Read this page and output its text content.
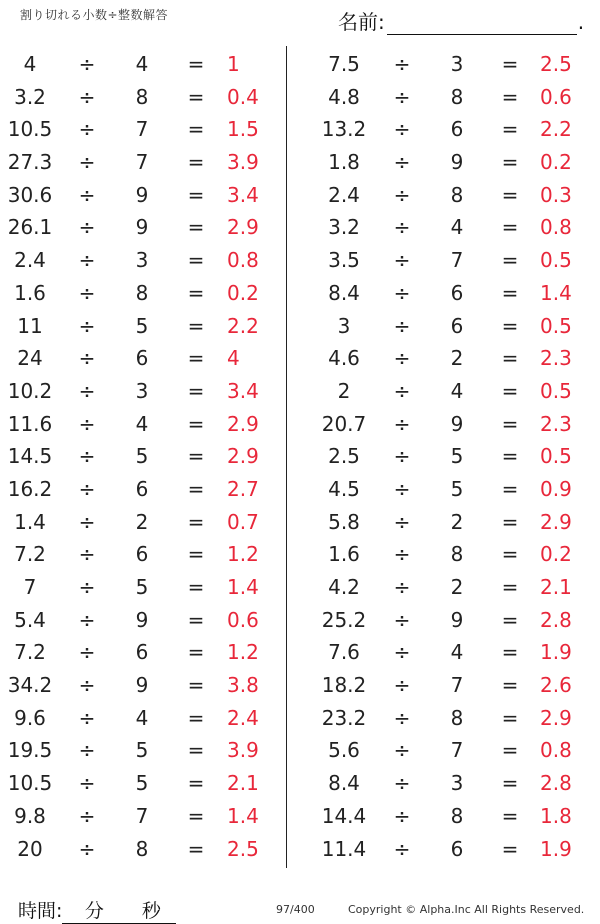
割り切れる小数÷整数解答	名前:	.
4	÷	4	= 1
3.2	÷	8	= 0.4
10.5	÷	7	= 1.5
27.3	÷	7	= 3.9
30.6	÷	9	= 3.4
26.1	÷	9	= 2.9
2.4	÷	3	= 0.8
1.6	÷	8	= 0.2
11	÷	5	= 2.2
24	÷	6	= 4
10.2	÷	3	= 3.4
11.6	÷	4	= 2.9
14.5	÷	5	= 2.9
16.2	÷	6	= 2.7
1.4	÷	2	= 0.7
7.2	÷	6	= 1.2
7	÷	5	= 1.4
5.4	÷	9	= 0.6
7.2	÷	6	= 1.2
34.2	÷	9	= 3.8
9.6	÷	4	= 2.4
19.5	÷	5	= 3.9
10.5	÷	5	= 2.1
9.8	÷	7	= 1.4
20	÷	8	= 2.5
7.5	÷	3	= 2.5
4.8	÷	8	= 0.6
13.2	÷	6	= 2.2
1.8	÷	9	= 0.2
2.4	÷	8	= 0.3
3.2	÷	4	= 0.8
3.5	÷	7	= 0.5
8.4	÷	6	= 1.4
3	÷	6	= 0.5
4.6	÷	2	= 2.3
2	÷	4	= 0.5
20.7	÷	9	= 2.3
2.5	÷	5	= 0.5
4.5	÷	5	= 0.9
5.8	÷	2	= 2.9
1.6	÷	8	= 0.2
4.2	÷	2	= 2.1
25.2	÷	9	= 2.8
7.6	÷	4	= 1.9
18.2	÷	7	= 2.6
23.2	÷	8	= 2.9
5.6	÷	7	= 0.8
8.4	÷	3	= 2.8
14.4	÷	8	= 1.8
11.4	÷	6	= 1.9
時間: 分 秒	97/400	Copyright © Alpha.Inc All Rights Reserved.
